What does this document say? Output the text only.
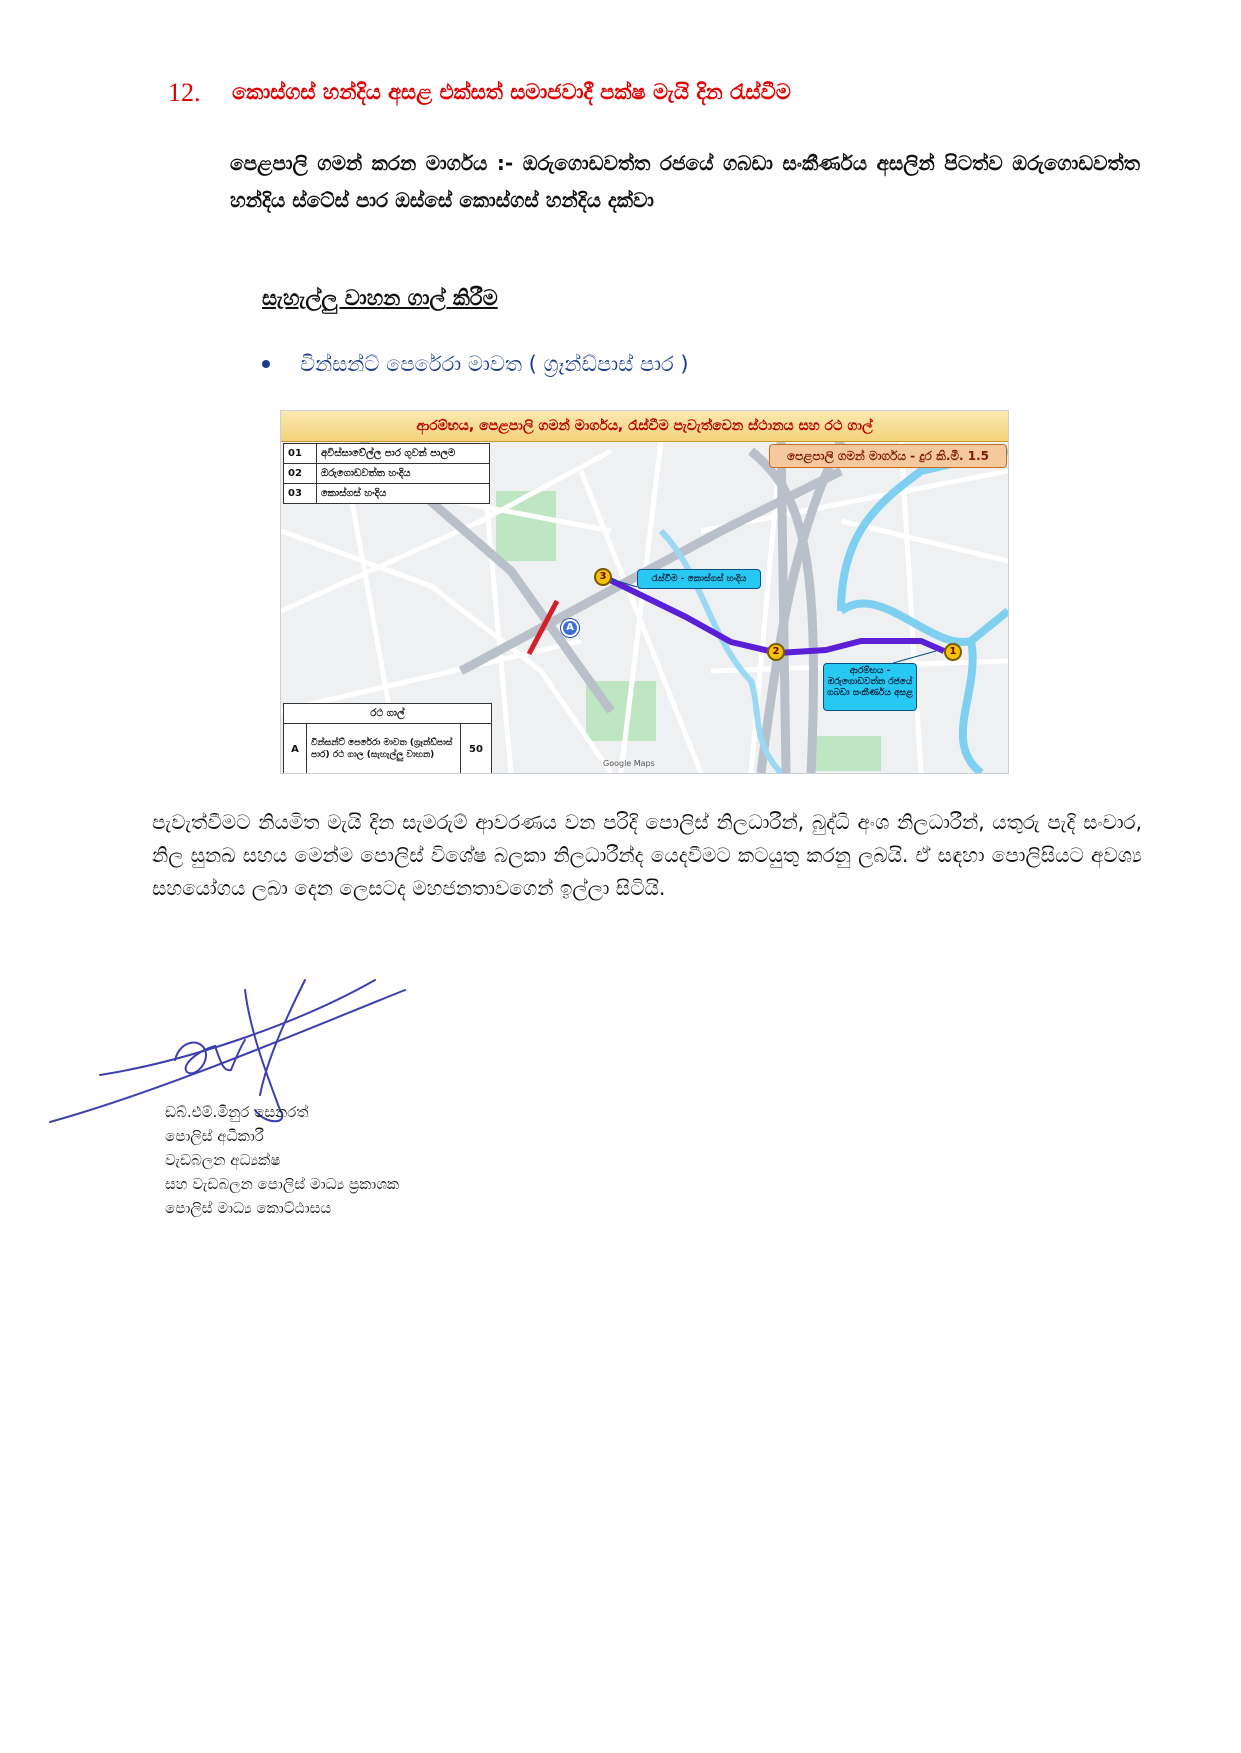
12. කොස්ගස් හන්දිය අසළ එක්සත් සමාජවාදී පක්ෂ මැයි දින රැස්වීම
පෙළපාලි ගමන් කරන මාර්ගය :- ඔරුගොඩවත්ත රජයේ ගබඩා සංකීර්ණය අසලින් පිටත්ව ඔරුගොඩවත්ත හන්දිය ස්ටේස් පාර ඔස්සේ කොස්ගස් හන්දිය දක්වා
සැහැල්ලු වාහන ගාල් කිරීම
වින්සන්ට් පෙරේරා මාවත ( ග්‍රෑන්ඩ්පාස් පාර )
ආරම්භය, පෙළපාලි ගමන් මාර්ගය, රැස්වීම පැවැත්වෙන ස්ථානය සහ රථ ගාල්
පෙළපාලි ගමන් මාර්ගය - දුර කි.මී. 1.5
01	අවිස්සාවේල්ල පාර ගුවන් පාලම
02	ඔරුගොඩවත්ත හංදිය
03	කොස්ගස් හංදිය
රථ ගාල්
A	වින්සන්ට් පෙරේරා මාවත (ග්‍රෑන්ඩ්පාස් පාර) රථ ගාල (සැහැල්ලු වාහන)	50
රැස්වීම - කොස්ගස් හංදිය
ආරම්භය - ඔරුගොඩවත්ත රජයේ ගබඩා සංකීර්ණය අසළ
3
2	1
A
Google Maps
පැවැත්වීමට නියමිත මැයි දින සැමරුම් ආවරණය වන පරිදි පොලිස් නිලධාරීන්, බුද්ධි අංශ නිලධාරීන්, යතුරු පැදි සංචාර, නිල සුනඛ සහය මෙන්ම පොලිස් විශේෂ බලකා නිලධාරීන්ද යෙදවීමට කටයුතු කරනු ලබයි. ඒ සඳහා පොලිසියට අවශ්‍ය සහයෝගය ලබා දෙන ලෙසටද මහජනතාවගෙන් ඉල්ලා සිටියි.
ඩබ්.එම්.මිනුර සෙනරත්
පොලිස් අධිකාරී
වැඩබලන අධ්‍යක්ෂ
සහ වැඩබලන පොලිස් මාධ්‍ය ප්‍රකාශක
පොලිස් මාධ්‍ය කොට්ඨාසය
